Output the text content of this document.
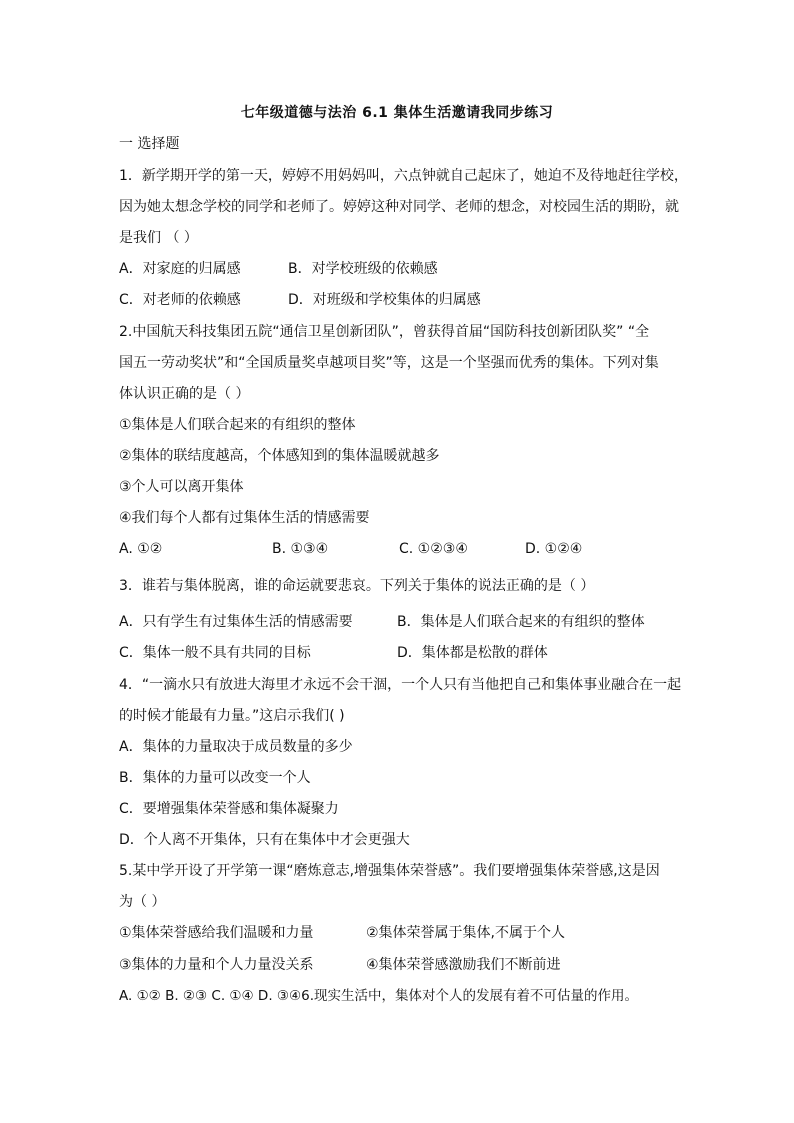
七年级道德与法治 6.1 集体生活邀请我同步练习
一 选择题
1．新学期开学的第一天，婷婷不用妈妈叫，六点钟就自己起床了，她迫不及待地赶往学校，
因为她太想念学校的同学和老师了。婷婷这种对同学、老师的想念，对校园生活的期盼，就
是我们 （ ）
A．对家庭的归属感	B．对学校班级的依赖感
C．对老师的依赖感	D．对班级和学校集体的归属感
2.中国航天科技集团五院“通信卫星创新团队”，曾获得首届“国防科技创新团队奖” “全
国五一劳动奖状”和“全国质量奖卓越项目奖”等，这是一个坚强而优秀的集体。下列对集
体认识正确的是（ ）
①集体是人们联合起来的有组织的整体
②集体的联结度越高，个体感知到的集体温暖就越多
③个人可以离开集体
④我们每个人都有过集体生活的情感需要
A. ①②	B. ①③④	C. ①②③④	D. ①②④
3．谁若与集体脱离，谁的命运就要悲哀。下列关于集体的说法正确的是（ ）
A．只有学生有过集体生活的情感需要	B．集体是人们联合起来的有组织的整体
C．集体一般不具有共同的目标	D．集体都是松散的群体
4．“一滴水只有放进大海里才永远不会干涸，一个人只有当他把自己和集体事业融合在一起
的时候才能最有力量。”这启示我们( )
A．集体的力量取决于成员数量的多少
B．集体的力量可以改变一个人
C．要增强集体荣誉感和集体凝聚力
D．个人离不开集体，只有在集体中才会更强大
5.某中学开设了开学第一课“磨炼意志,增强集体荣誉感”。我们要增强集体荣誉感,这是因
为（ ）
①集体荣誉感给我们温暖和力量	②集体荣誉属于集体,不属于个人
③集体的力量和个人力量没关系	④集体荣誉感激励我们不断前进
A. ①② B. ②③ C. ①④ D. ③④6.现实生活中，集体对个人的发展有着不可估量的作用。
